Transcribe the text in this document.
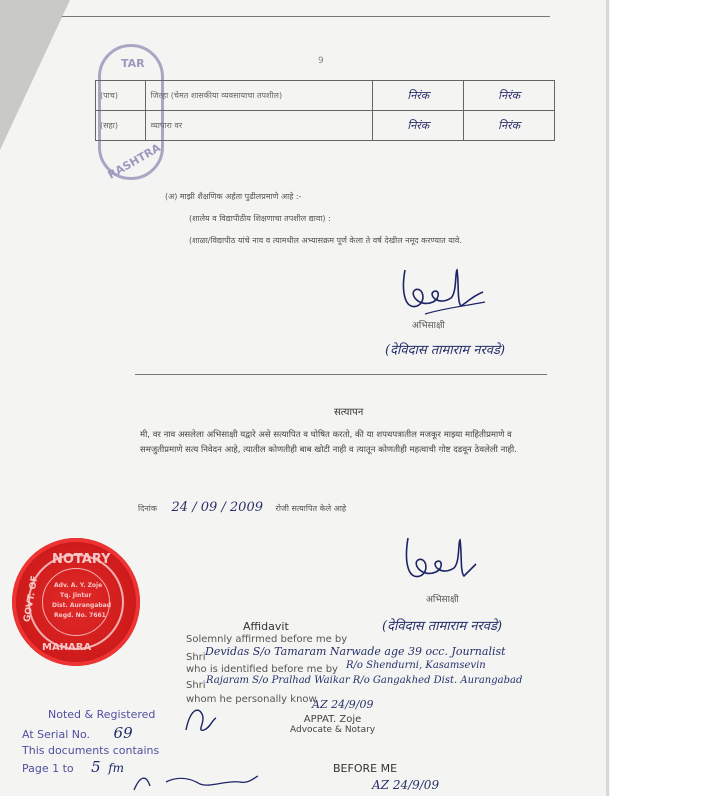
9
TAR
RASHTRA
(पाच)	जिल्हा (चेमत शासकीया व्यवसायाचा तपशील)	निरंक	निरंक
(सहा)	व्यापारा वर	निरंक	निरंक
(अ) माझी शैक्षणिक अर्हता पुढीलप्रमाणे आहे :-
(शालेय व विद्यापीठीय शिक्षणाचा तपशील द्यावा) :
(शाळा/विद्यापीठ यांचे नाव व त्यामधील अभ्यासक्रम पूर्ण केला ते वर्ष देखील नमूद करण्यात यावे.
अभिसाक्षी
(देविदास तामाराम नरवडे)
सत्यापन
मी, वर नाव असलेला अभिसाक्षी यद्वारे असे सत्यापित व घोषित करतो, की या शपथपत्रातील मजकूर माझ्या माहितीप्रमाणे व समजुतीप्रमाणे सत्य निवेदन आहे, त्यातील कोणतीही बाब खोटी नाही व त्यातून कोणतीही महत्वाची गोष्ट दडवून ठेवलेली नाही.
दिनांक 24 / 09 / 2009 रोजी सत्यापित केले आहे
अभिसाक्षी
(देविदास तामाराम नरवडे)
NOTARY
GOVT. OF
MAHARA
Adv. A. Y. Zoje
Tq. Jintur
Dist. Aurangabad
Regd. No. 7661
Affidavit
Solemnly affirmed before me by
Shri Devidas S/o Tamaram Narwade age 39 occ. Journalist
who is identified before me by R/o Shendurni, Kasamsevin
Shri Rajaram S/o Pralhad Waikar R/o Gangakhed Dist. Aurangabad
whom he personally know
AZ 24/9/09
APPAT. Zoje
Advocate & Notary
Noted & Registered
At Serial No. 69
This documents contains
Page 1 to 5 fm	BEFORE ME
AZ 24/9/09
